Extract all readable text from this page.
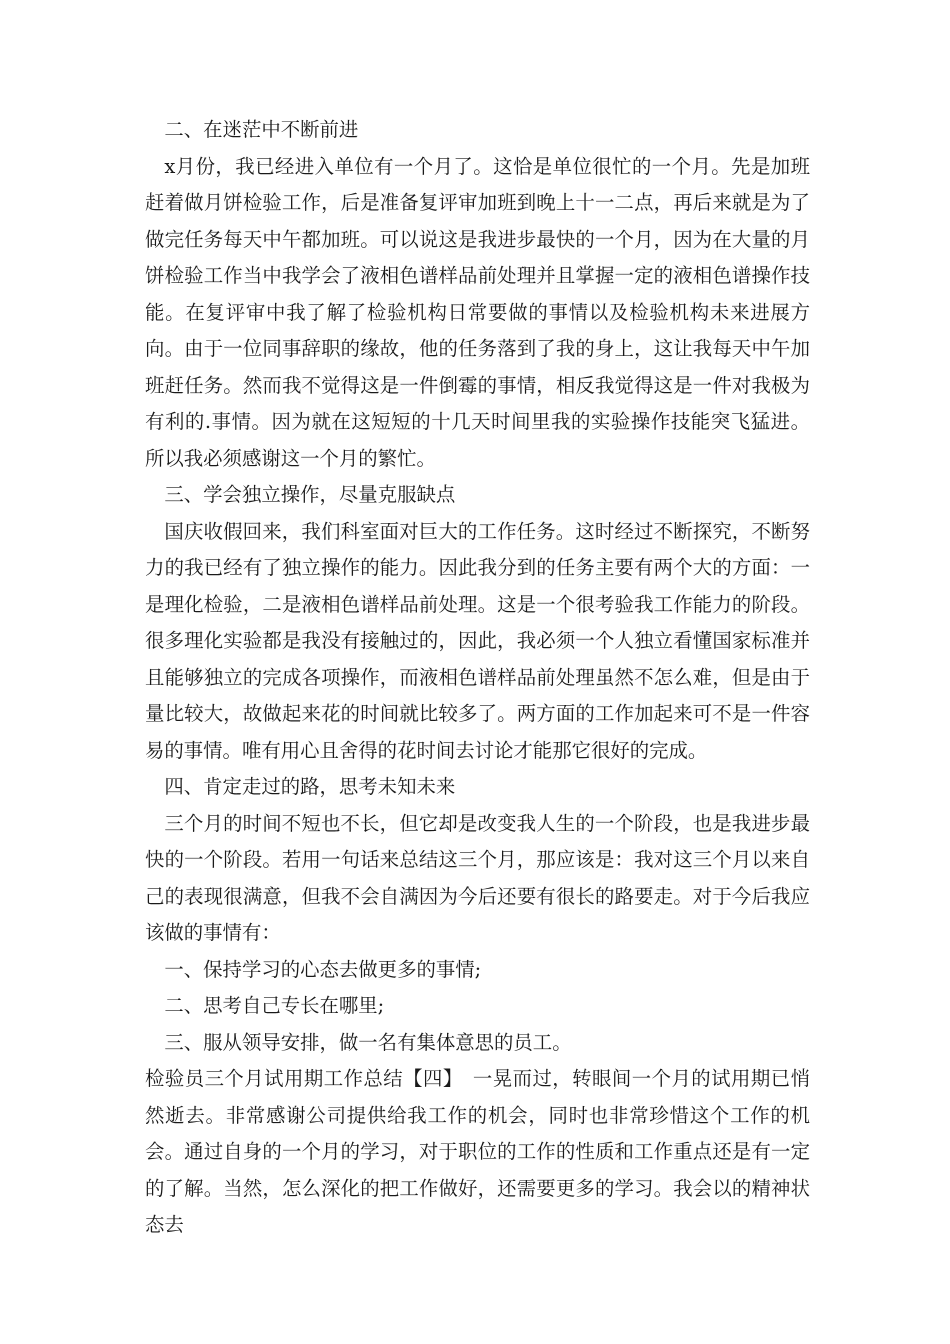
二、在迷茫中不断前进

x月份，我已经进入单位有一个月了。这恰是单位很忙的一个月。先是加班赶着做月饼检验工作，后是准备复评审加班到晚上十一二点，再后来就是为了做完任务每天中午都加班。可以说这是我进步最快的一个月，因为在大量的月饼检验工作当中我学会了液相色谱样品前处理并且掌握一定的液相色谱操作技能。在复评审中我了解了检验机构日常要做的事情以及检验机构未来进展方向。由于一位同事辞职的缘故，他的任务落到了我的身上，这让我每天中午加班赶任务。然而我不觉得这是一件倒霉的事情，相反我觉得这是一件对我极为有利的.事情。因为就在这短短的十几天时间里我的实验操作技能突飞猛进。所以我必须感谢这一个月的繁忙。

三、学会独立操作，尽量克服缺点

国庆收假回来，我们科室面对巨大的工作任务。这时经过不断探究，不断努力的我已经有了独立操作的能力。因此我分到的任务主要有两个大的方面：一是理化检验，二是液相色谱样品前处理。这是一个很考验我工作能力的阶段。很多理化实验都是我没有接触过的，因此，我必须一个人独立看懂国家标准并且能够独立的完成各项操作，而液相色谱样品前处理虽然不怎么难，但是由于量比较大，故做起来花的时间就比较多了。两方面的工作加起来可不是一件容易的事情。唯有用心且舍得的花时间去讨论才能那它很好的完成。

四、肯定走过的路，思考未知未来

三个月的时间不短也不长，但它却是改变我人生的一个阶段，也是我进步最快的一个阶段。若用一句话来总结这三个月，那应该是：我对这三个月以来自己的表现很满意，但我不会自满因为今后还要有很长的路要走。对于今后我应该做的事情有：

一、保持学习的心态去做更多的事情;

二、思考自己专长在哪里;

三、服从领导安排，做一名有集体意思的员工。

检验员三个月试用期工作总结【四】　一晃而过，转眼间一个月的试用期已悄然逝去。非常感谢公司提供给我工作的机会，同时也非常珍惜这个工作的机会。通过自身的一个月的学习，对于职位的工作的性质和工作重点还是有一定的了解。当然，怎么深化的把工作做好，还需要更多的学习。我会以的精神状态去
